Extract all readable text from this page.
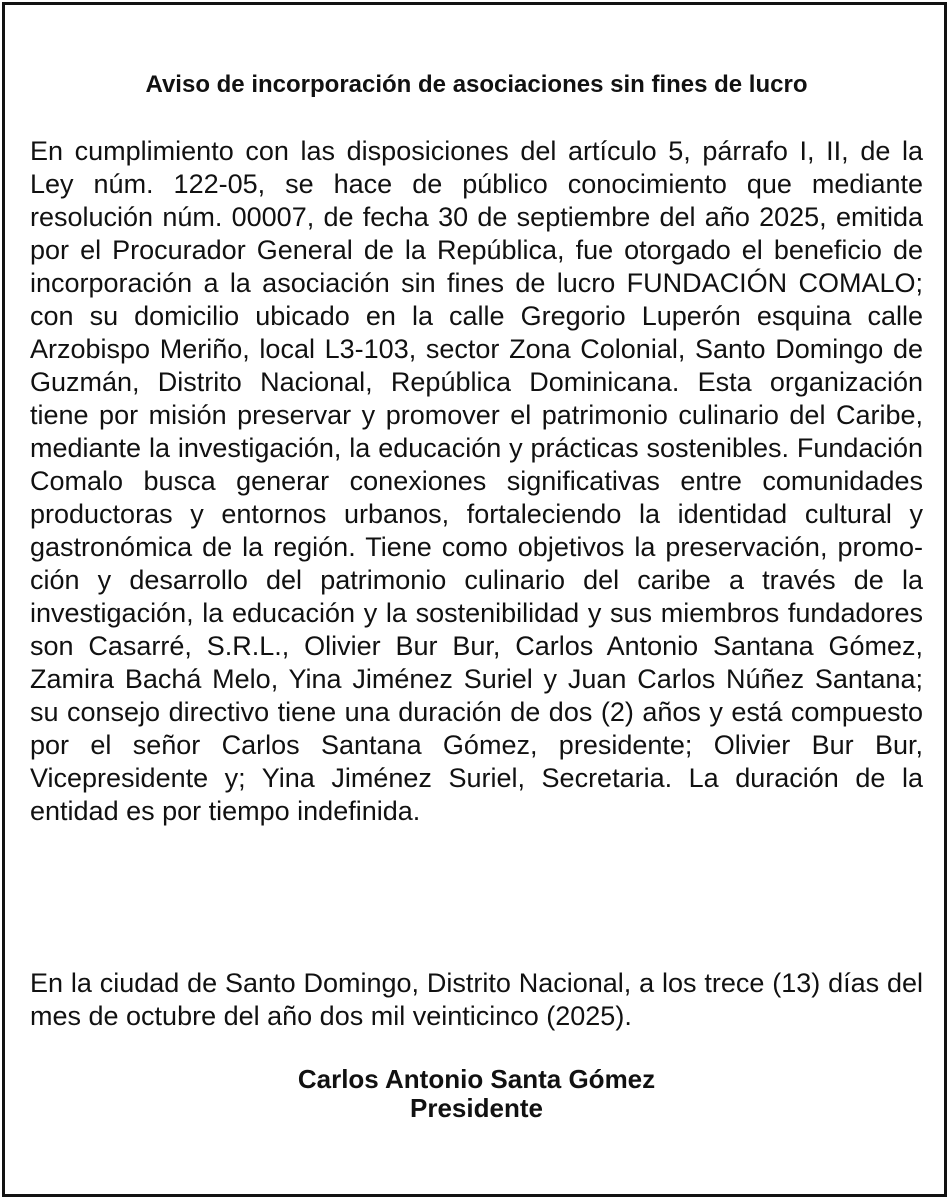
Aviso de incorporación de asociaciones sin fines de lucro

En cumplimiento con las disposiciones del artículo 5, párrafo I, II, de la Ley núm. 122-05, se hace de público conocimiento que mediante resolución núm. 00007, de fecha 30 de septiembre del año 2025, emitida por el Procurador General de la República, fue otorgado el beneficio de incorporación a la asociación sin fines de lucro FUNDACIÓN COMALO; con su domicilio ubicado en la calle Gregorio Luperón esquina calle Arzobispo Meriño, local L3-103, sector Zona Colonial, Santo Domingo de Guzmán, Distrito Nacional, República Dominicana. Esta organización tiene por misión preservar y promover el patrimonio culinario del Caribe, mediante la investigación, la educación y prácticas sostenibles. Fundación Comalo busca generar conexiones significativas entre comunidades productoras y entornos urbanos, fortaleciendo la identidad cultural y gastronómica de la región. Tiene como objetivos la preservación, promoción y desarrollo del patrimonio culinario del caribe a través de la investigación, la educación y la sostenibilidad y sus miembros fundadores son Casarré, S.R.L., Olivier Bur Bur, Carlos Antonio Santana Gómez, Zamira Bachá Melo, Yina Jiménez Suriel y Juan Carlos Núñez Santana; su consejo directivo tiene una duración de dos (2) años y está compuesto por el señor Carlos Santana Gómez, presidente; Olivier Bur Bur, Vicepresidente y; Yina Jiménez Suriel, Secretaria. La duración de la entidad es por tiempo indefinida.

En la ciudad de Santo Domingo, Distrito Nacional, a los trece (13) días del mes de octubre del año dos mil veinticinco (2025).

Carlos Antonio Santa Gómez

Presidente
